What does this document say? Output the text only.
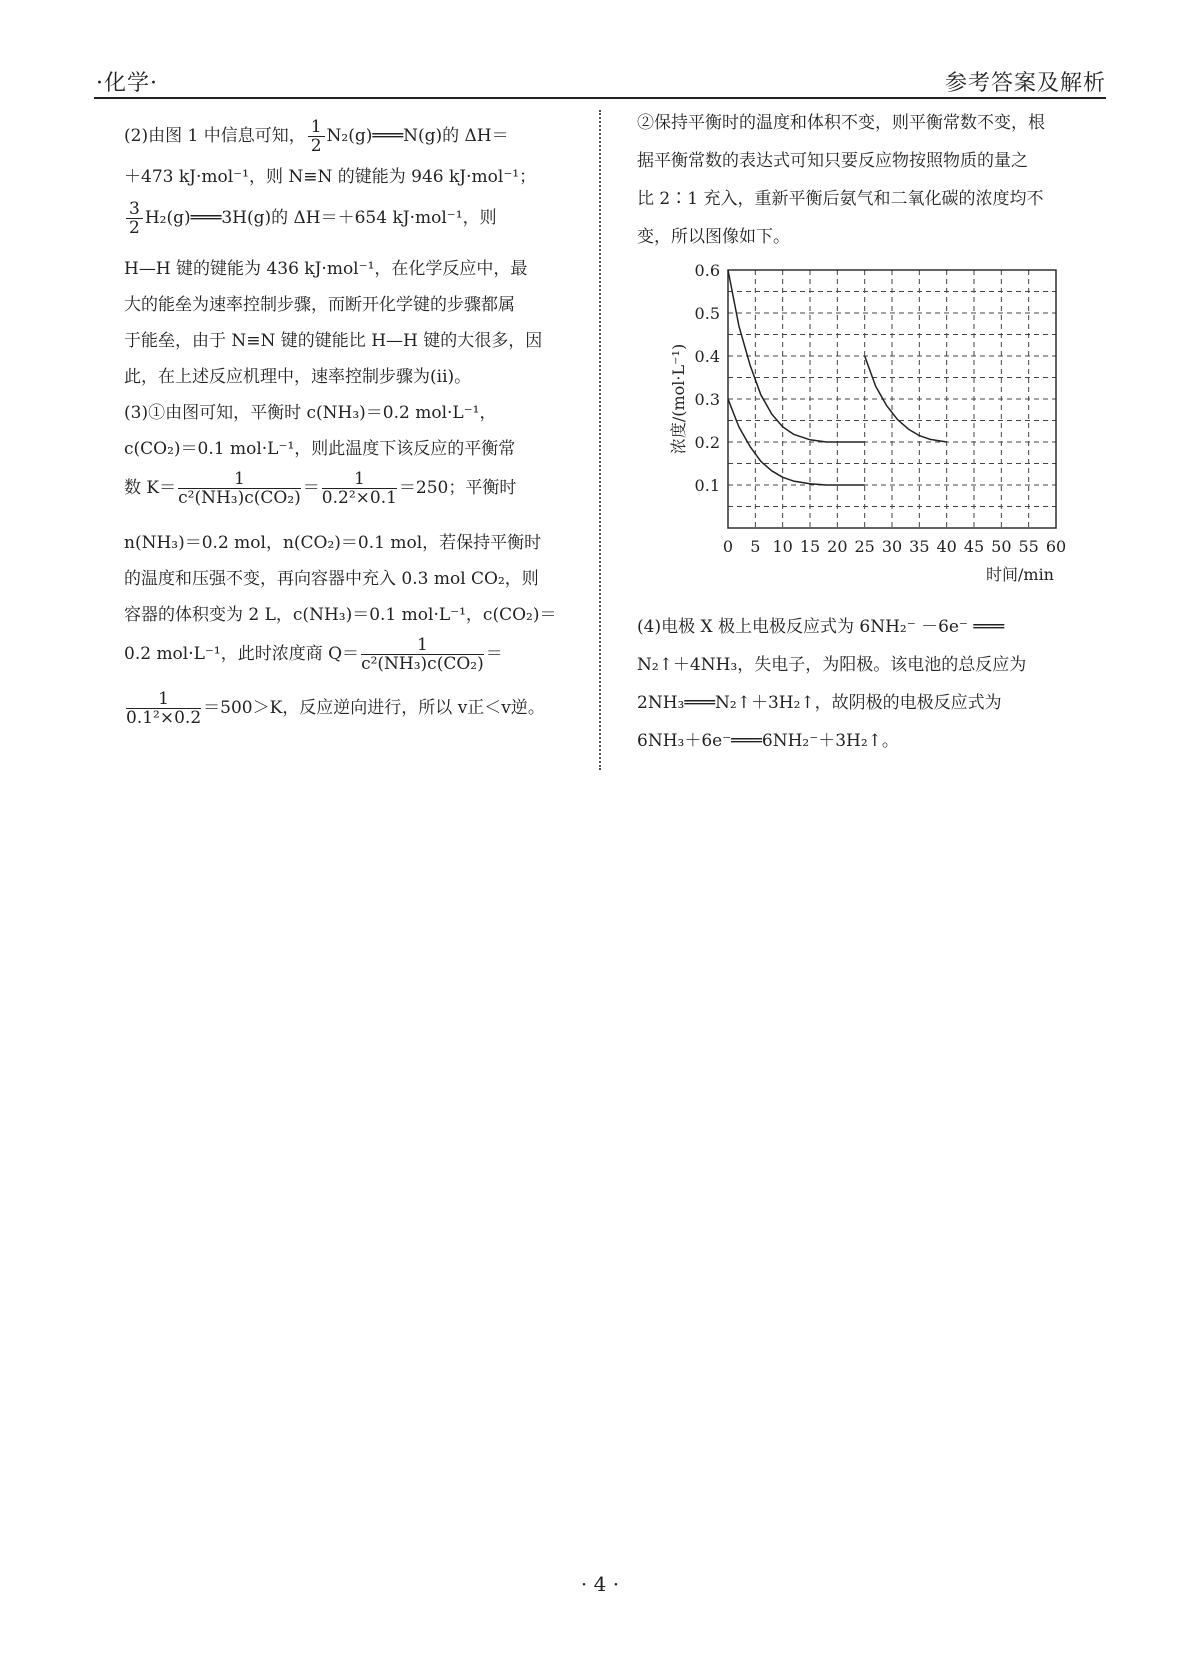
·化学·	参考答案及解析
(2)由图 1 中信息可知， $\frac{1}{2}$ N₂(g)═══N(g)的 ΔH＝
＋473 kJ·mol⁻¹，则 N≡N 的键能为 946 kJ·mol⁻¹；
$\frac{3}{2}$ H₂(g)═══3H(g)的 ΔH＝＋654 kJ·mol⁻¹，则
H—H 键的键能为 436 kJ·mol⁻¹，在化学反应中，最
大的能垒为速率控制步骤，而断开化学键的步骤都属
于能垒，由于 N≡N 键的键能比 H—H 键的大很多，因
此，在上述反应机理中，速率控制步骤为(ii)。
(3)①由图可知，平衡时 c(NH₃)＝0.2 mol·L⁻¹，
c(CO₂)＝0.1 mol·L⁻¹，则此温度下该反应的平衡常
数 $K= \frac{1}{\text{c²(NH₃)c(CO₂)}} = \frac{1}{\text{0.2²×0.1}} =250$；平衡时
n(NH₃)＝0.2 mol，n(CO₂)＝0.1 mol，若保持平衡时
的温度和压强不变，再向容器中充入 0.3 mol CO₂，则
容器的体积变为 2 L，c(NH₃)＝0.1 mol·L⁻¹，c(CO₂)＝
0.2 mol·L⁻¹，此时浓度商 $Q= \frac{1}{\text{c²(NH₃)c(CO₂)}}$ ＝
$\frac{1}{\text{0.1²×0.2}} =500>K$，反应逆向进行，所以 v正＜v逆。
②保持平衡时的温度和体积不变，则平衡常数不变，根
据平衡常数的表达式可知只要反应物按照物质的量之
比 2∶1 充入，重新平衡后氨气和二氧化碳的浓度均不
变，所以图像如下。
0.1
0.2
0.3
0.4
0.5
0.6
0 5 10 15 20 25 30 35 40 45 50 55 60
浓度/(mol·L⁻¹)
时间/min
(4)电极 X 极上电极反应式为 6NH₂⁻ －6e⁻ ═══
N₂↑＋4NH₃，失电子，为阳极。该电池的总反应为
2NH₃═══N₂↑＋3H₂↑，故阴极的电极反应式为
6NH₃＋6e⁻═══6NH₂⁻＋3H₂↑。
· 4 ·
